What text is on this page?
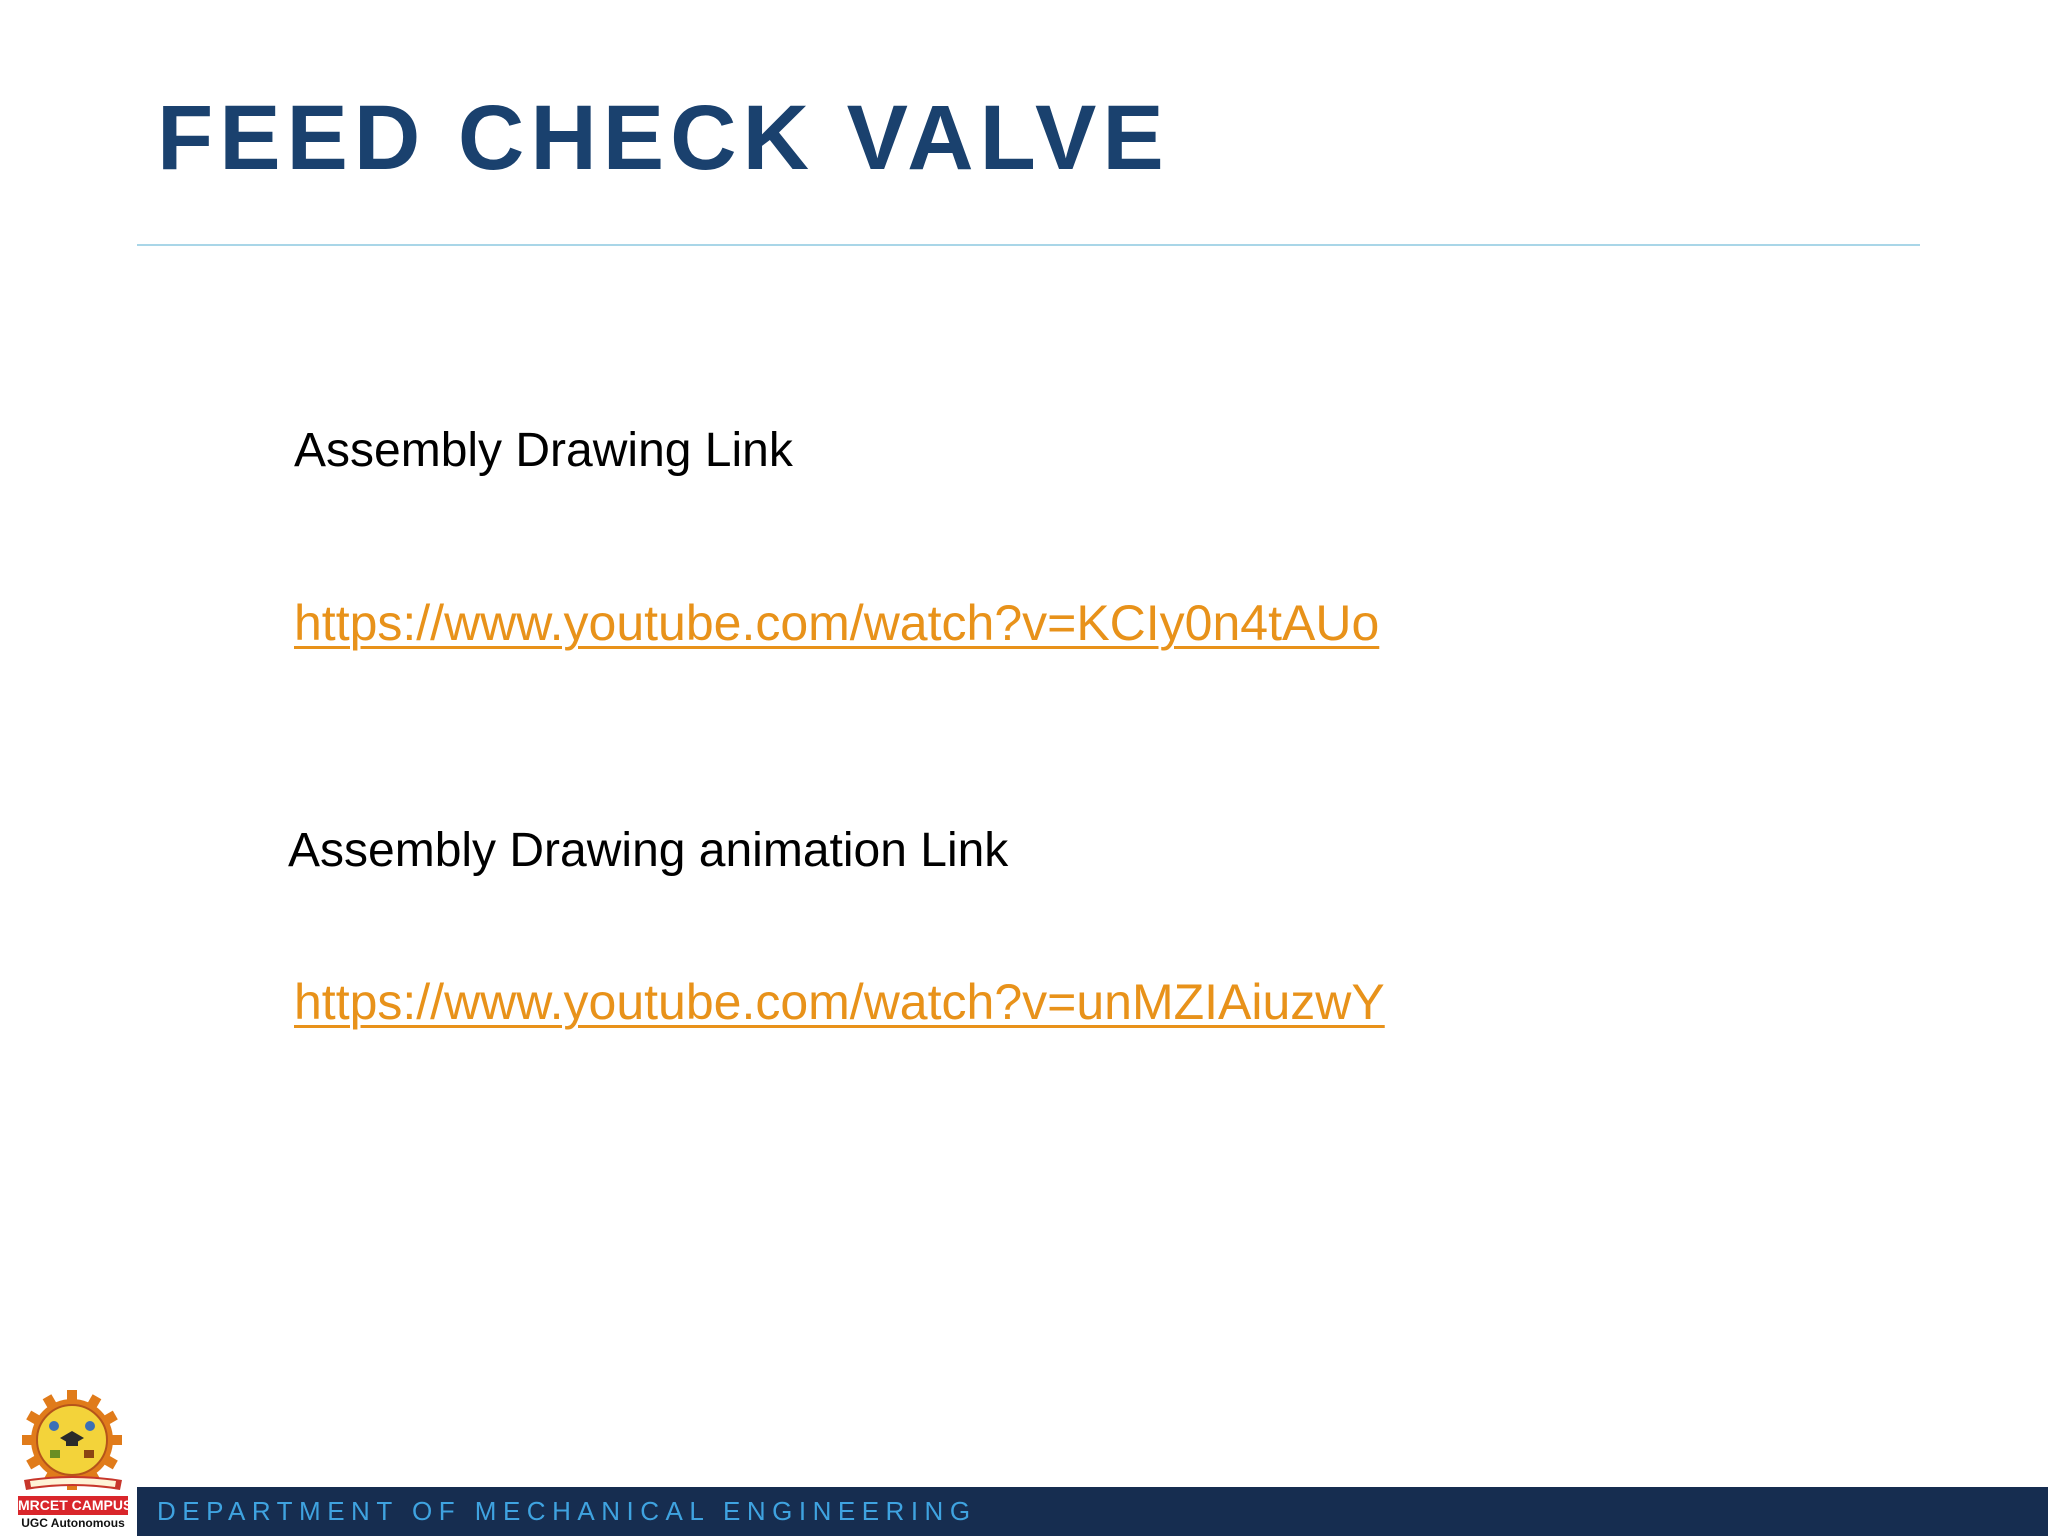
FEED CHECK VALVE
Assembly Drawing Link
https://www.youtube.com/watch?v=KCIy0n4tAUo
Assembly Drawing animation Link
https://www.youtube.com/watch?v=unMZIAiuzwY
MRCET CAMPUS
UGC Autonomous DEPARTMENT OF MECHANICAL ENGINEERING
